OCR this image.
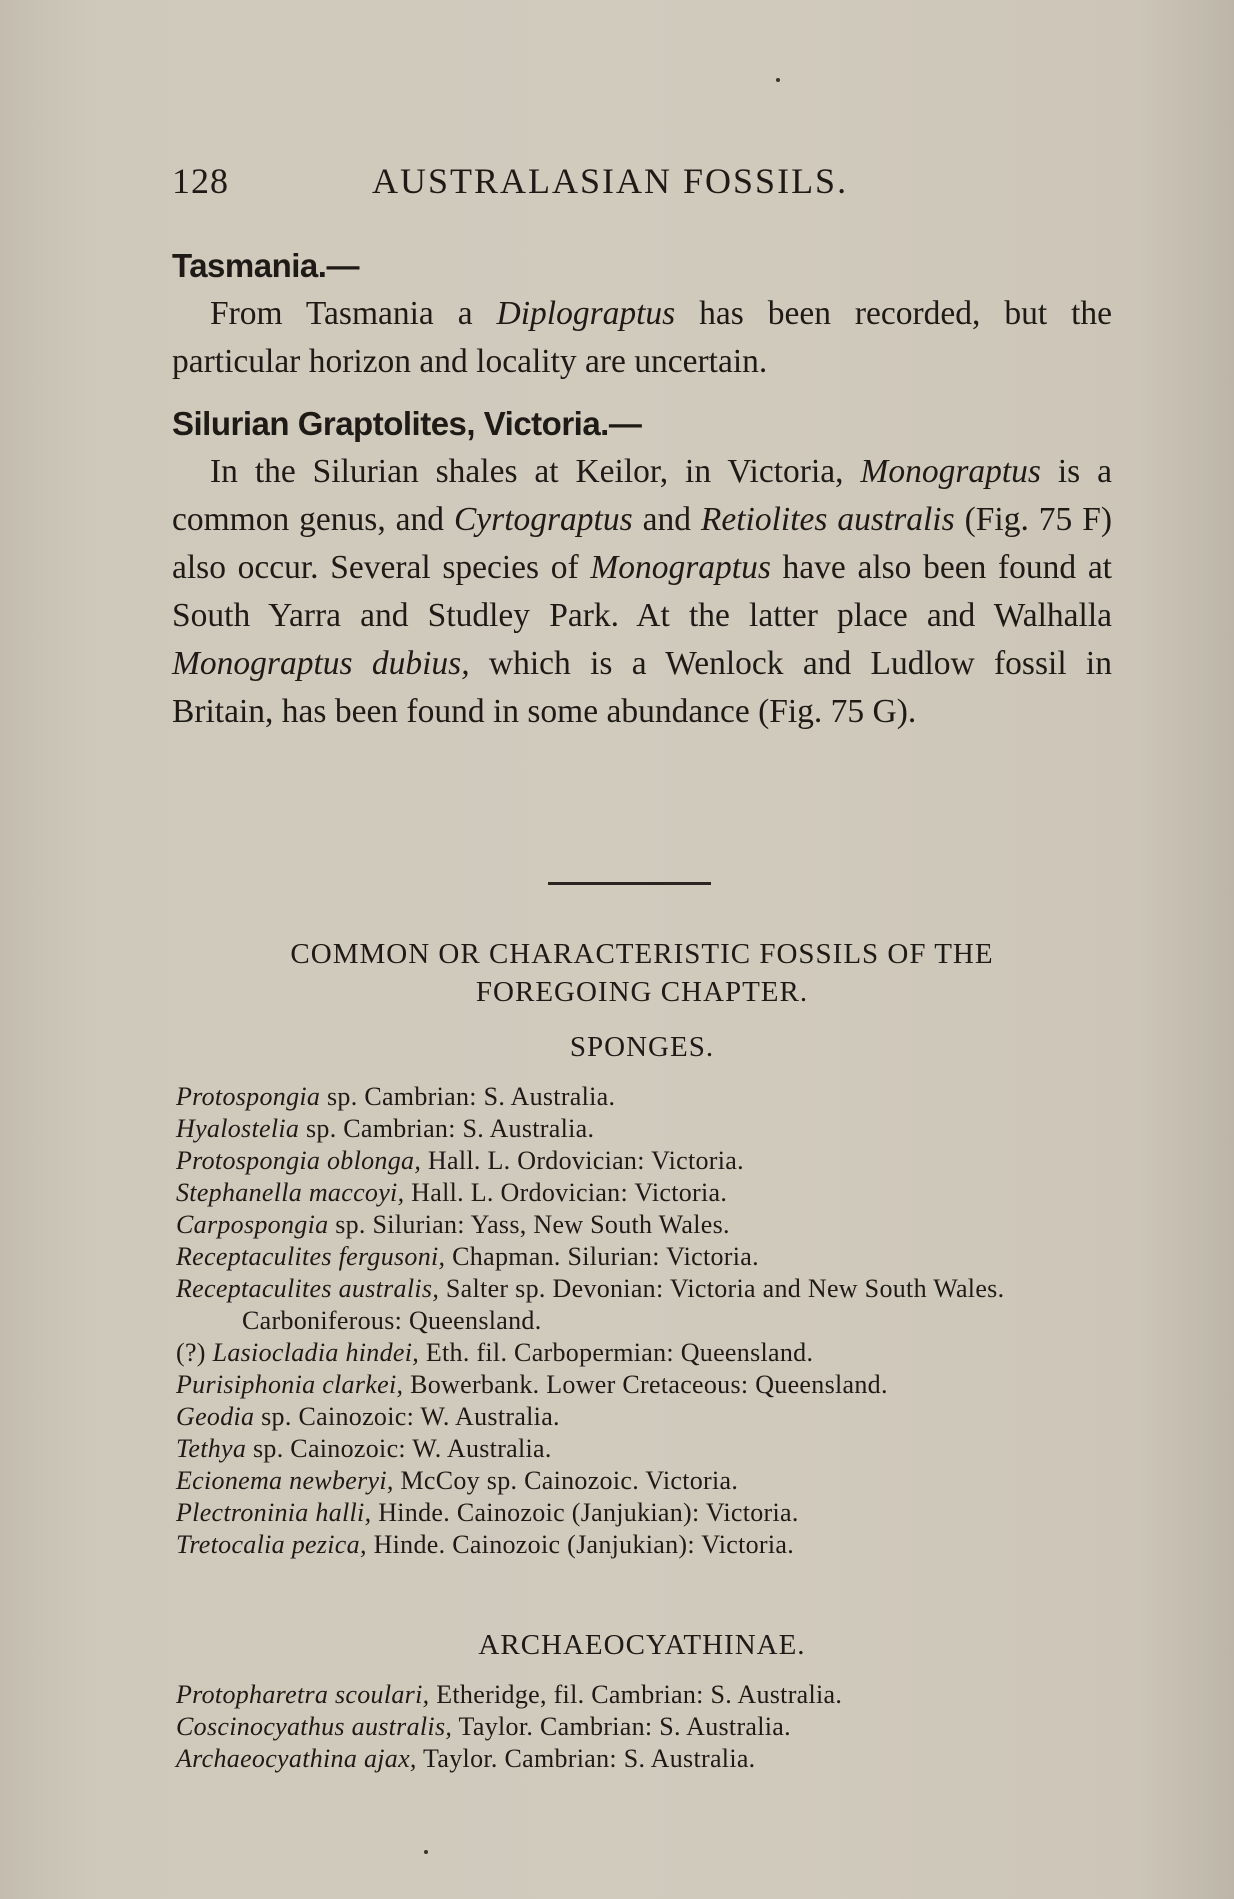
128	AUSTRALASIAN FOSSILS.
Tasmania.—

From Tasmania a Diplograptus has been recorded, but the particular horizon and locality are uncertain.

Silurian Graptolites, Victoria.—

In the Silurian shales at Keilor, in Victoria, Monograptus is a common genus, and Cyrtograptus and Retiolites australis (Fig. 75 F) also occur. Several species of Monograptus have also been found at South Yarra and Studley Park. At the latter place and Walhalla Monograptus dubius, which is a Wenlock and Ludlow fossil in Britain, has been found in some abundance (Fig. 75 G).

COMMON OR CHARACTERISTIC FOSSILS OF THE
FOREGOING CHAPTER.
SPONGES.
Protospongia sp. Cambrian: S. Australia.
Hyalostelia sp. Cambrian: S. Australia.
Protospongia oblonga, Hall. L. Ordovician: Victoria.
Stephanella maccoyi, Hall. L. Ordovician: Victoria.
Carpospongia sp. Silurian: Yass, New South Wales.
Receptaculites fergusoni, Chapman. Silurian: Victoria.
Receptaculites australis, Salter sp. Devonian: Victoria and New South Wales. Carboniferous: Queensland.
(?) Lasiocladia hindei, Eth. fil. Carbopermian: Queensland.
Purisiphonia clarkei, Bowerbank. Lower Cretaceous: Queensland.
Geodia sp. Cainozoic: W. Australia.
Tethya sp. Cainozoic: W. Australia.
Ecionema newberyi, McCoy sp. Cainozoic. Victoria.
Plectroninia halli, Hinde. Cainozoic (Janjukian): Victoria.
Tretocalia pezica, Hinde. Cainozoic (Janjukian): Victoria.
ARCHAEOCYATHINAE.
Protopharetra scoulari, Etheridge, fil. Cambrian: S. Australia.
Coscinocyathus australis, Taylor. Cambrian: S. Australia.
Archaeocyathina ajax, Taylor. Cambrian: S. Australia.
